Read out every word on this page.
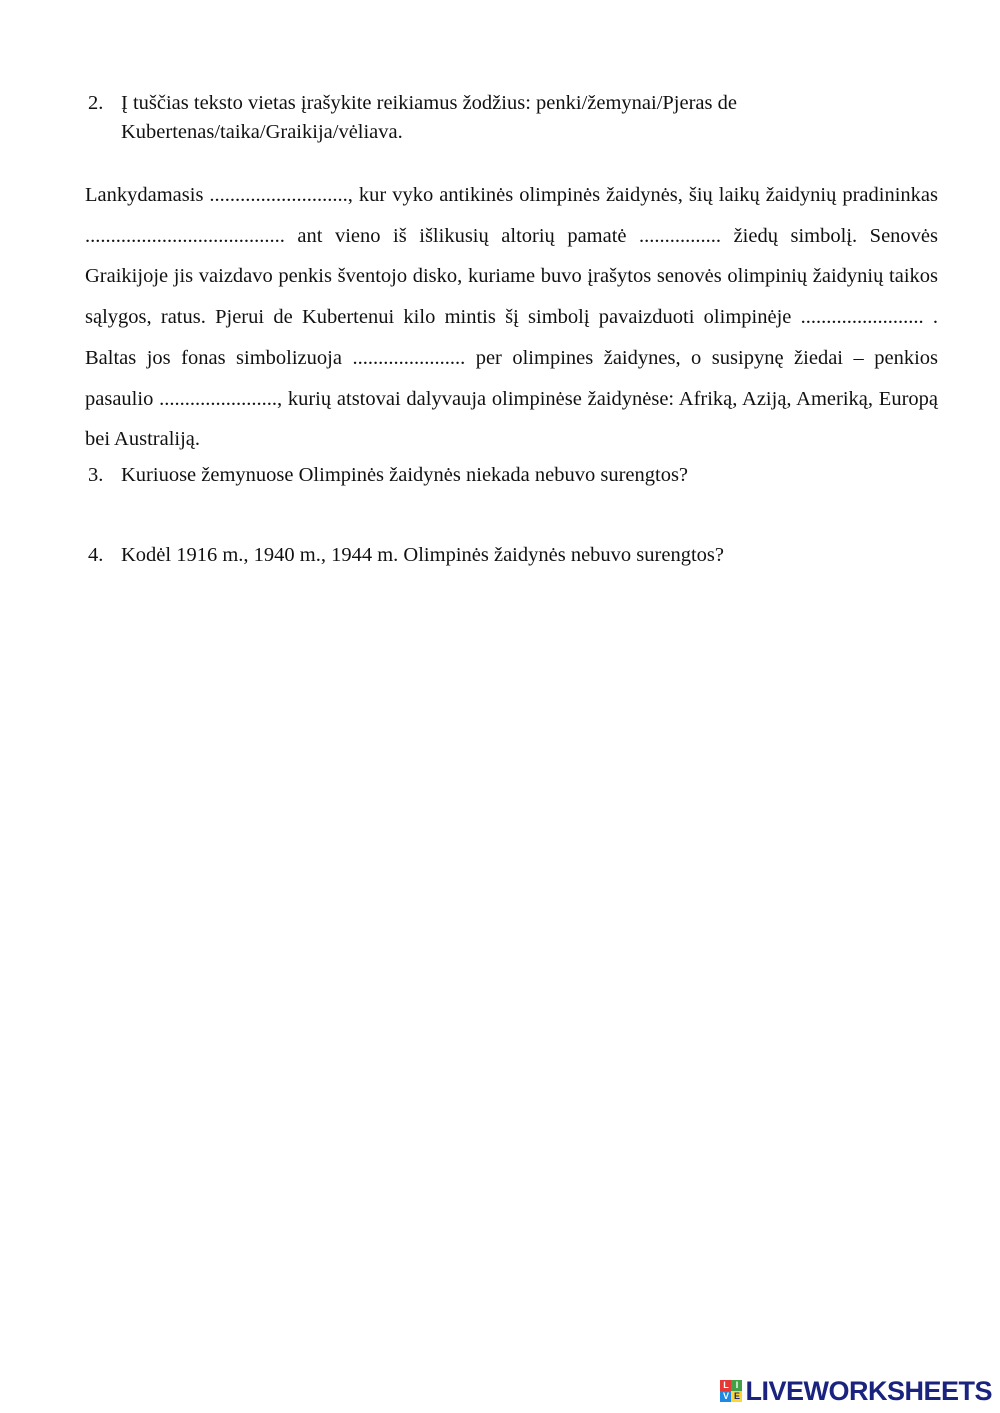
2. Į tuščias teksto vietas įrašykite reikiamus žodžius: penki/žemynai/Pjeras de Kubertenas/taika/Graikija/vėliava.
Lankydamasis ..........................., kur vyko antikinės olimpinės žaidynės, šių laikų žaidynių pradininkas ....................................... ant vieno iš išlikusių altorių pamatė ................ žiedų simbolį. Senovės Graikijoje jis vaizdavo penkis šventojo disko, kuriame buvo įrašytos senovės olimpinių žaidynių taikos sąlygos, ratus. Pjerui de Kubertenui kilo mintis šį simbolį pavaizduoti olimpinėje ........................ . Baltas jos fonas simbolizuoja ...................... per olimpines žaidynes, o susipynę žiedai – penkios pasaulio ......................., kurių atstovai dalyvauja olimpinėse žaidynėse: Afriką, Aziją, Ameriką, Europą bei Australiją.
3. Kuriuose žemynuose Olimpinės žaidynės niekada nebuvo surengtos?
4. Kodėl 1916 m., 1940 m., 1944 m. Olimpinės žaidynės nebuvo surengtos?
L I
V E LIVEWORKSHEETS
